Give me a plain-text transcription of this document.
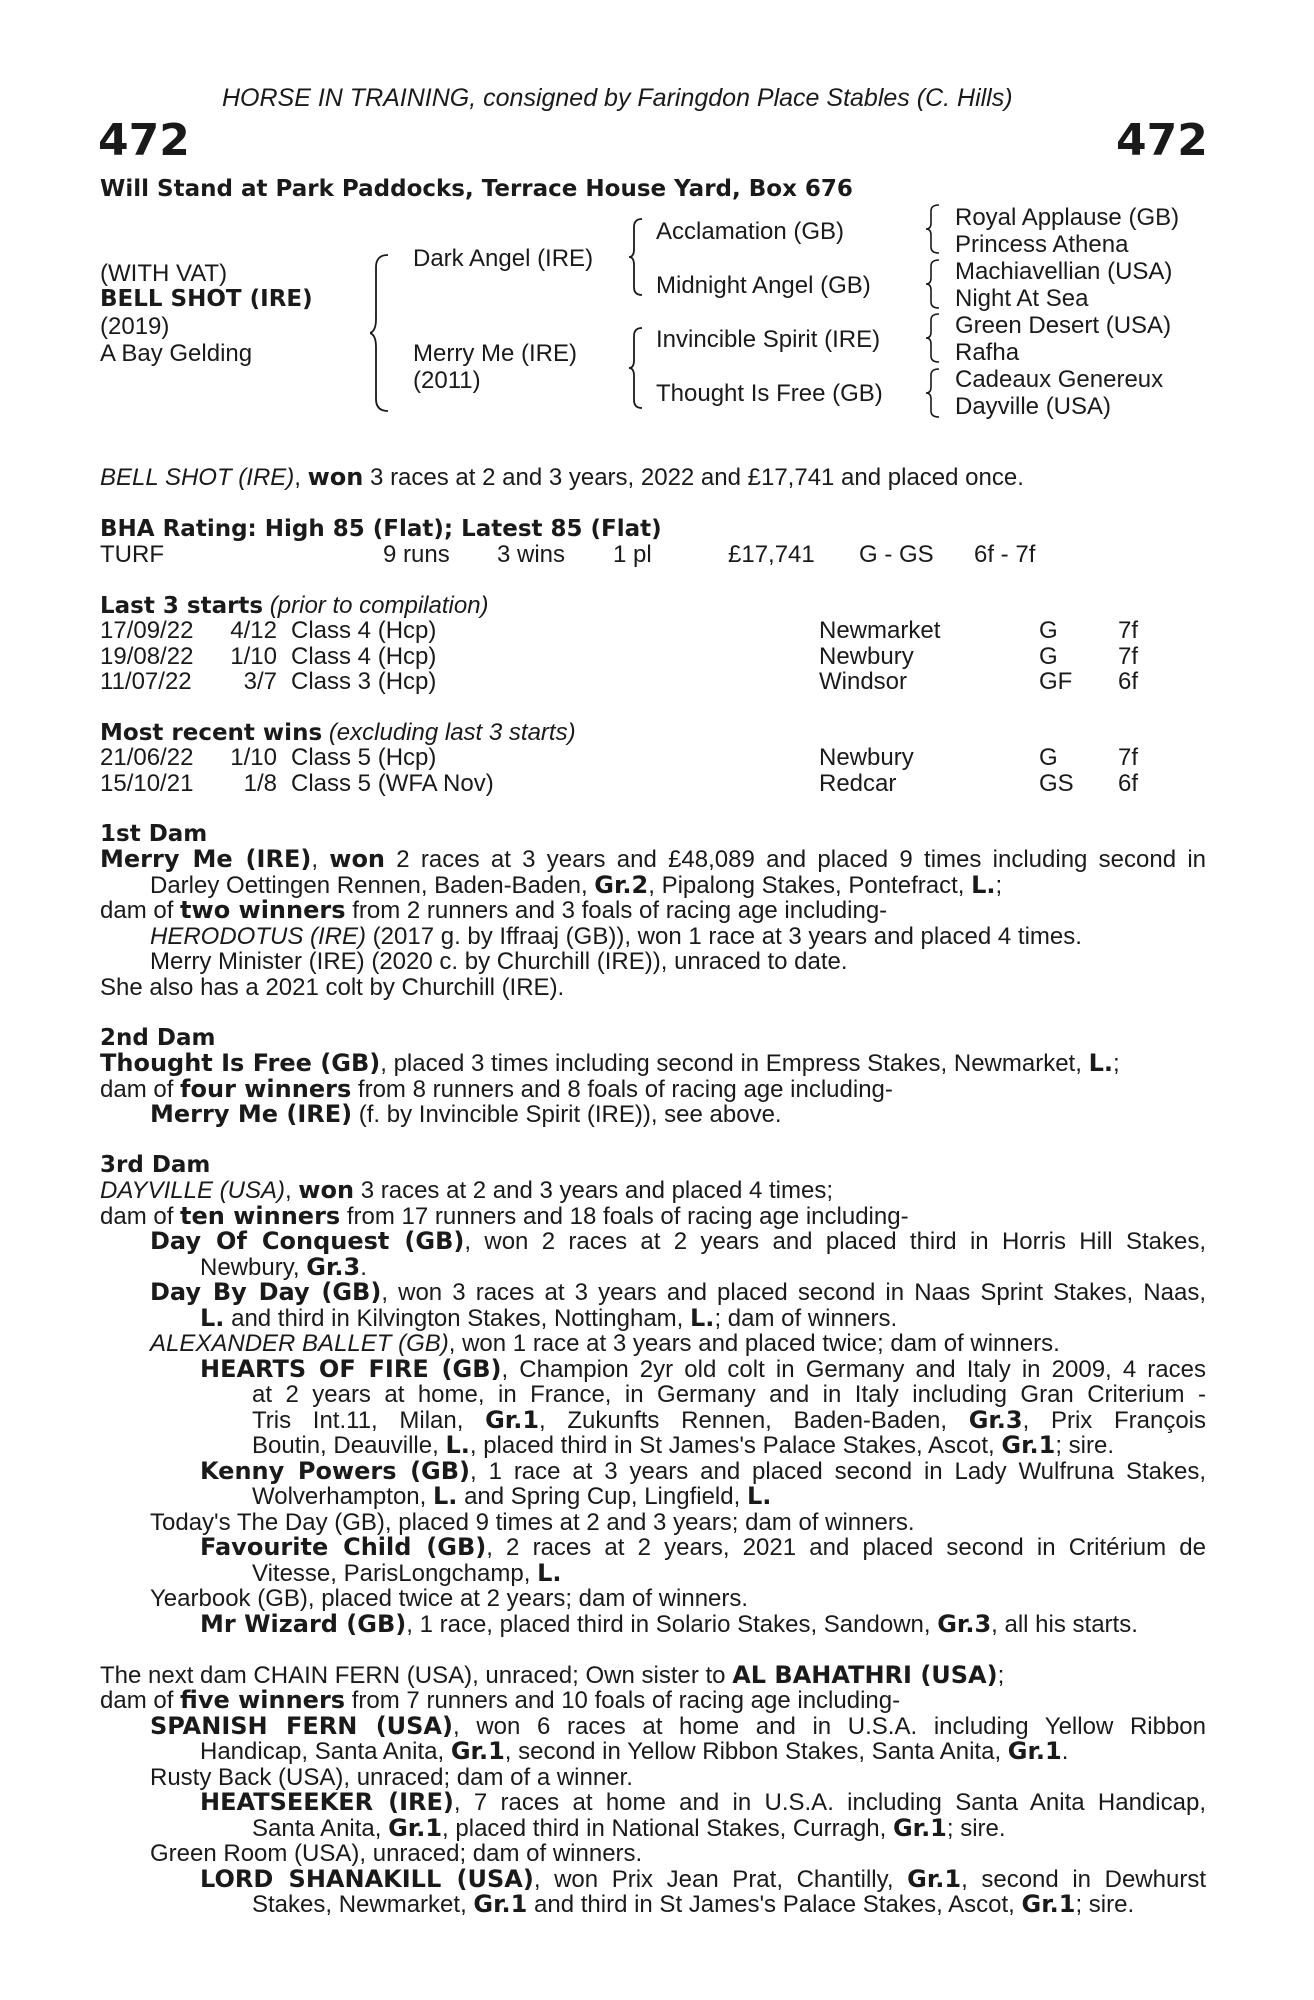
HORSE IN TRAINING, consigned by Faringdon Place Stables (C. Hills)
472	472
Will Stand at Park Paddocks, Terrace House Yard, Box 676
(WITH VAT)
BELL SHOT (IRE)
(2019)
A Bay Gelding
Dark Angel (IRE)
Merry Me (IRE)
(2011)
Acclamation (GB)
Midnight Angel (GB)
Invincible Spirit (IRE)
Thought Is Free (GB)
Royal Applause (GB)
Princess Athena
Machiavellian (USA)
Night At Sea
Green Desert (USA)
Rafha
Cadeaux Genereux
Dayville (USA)
BELL SHOT (IRE), won 3 races at 2 and 3 years, 2022 and £17,741 and placed once.
BHA Rating: High 85 (Flat); Latest 85 (Flat)
TURF	9 runs 3 wins 1 pl	£17,741 G - GS 6f - 7f
Last 3 starts (prior to compilation)
17/09/22	4/12 Class 4 (Hcp)	Newmarket	G	7f
19/08/22	1/10 Class 4 (Hcp)	Newbury	G	7f
11/07/22	3/7 Class 3 (Hcp)	Windsor	GF 6f
Most recent wins (excluding last 3 starts)
21/06/22	1/10 Class 5 (Hcp)	Newbury	G	7f
15/10/21	1/8 Class 5 (WFA Nov)	Redcar	GS 6f
1st Dam
Merry Me (IRE), won 2 races at 3 years and £48,089 and placed 9 times including second in
Darley Oettingen Rennen, Baden-Baden, Gr.2, Pipalong Stakes, Pontefract, L.;
dam of two winners from 2 runners and 3 foals of racing age including-
HERODOTUS (IRE) (2017 g. by Iffraaj (GB)), won 1 race at 3 years and placed 4 times.
Merry Minister (IRE) (2020 c. by Churchill (IRE)), unraced to date.
She also has a 2021 colt by Churchill (IRE).
2nd Dam
Thought Is Free (GB), placed 3 times including second in Empress Stakes, Newmarket, L.;
dam of four winners from 8 runners and 8 foals of racing age including-
Merry Me (IRE) (f. by Invincible Spirit (IRE)), see above.
3rd Dam
DAYVILLE (USA), won 3 races at 2 and 3 years and placed 4 times;
dam of ten winners from 17 runners and 18 foals of racing age including-
Day Of Conquest (GB), won 2 races at 2 years and placed third in Horris Hill Stakes,
Newbury, Gr.3.
Day By Day (GB), won 3 races at 3 years and placed second in Naas Sprint Stakes, Naas,
L. and third in Kilvington Stakes, Nottingham, L.; dam of winners.
ALEXANDER BALLET (GB), won 1 race at 3 years and placed twice; dam of winners.
HEARTS OF FIRE (GB), Champion 2yr old colt in Germany and Italy in 2009, 4 races
at 2 years at home, in France, in Germany and in Italy including Gran Criterium -
Tris Int.11, Milan, Gr.1, Zukunfts Rennen, Baden-Baden, Gr.3, Prix François
Boutin, Deauville, L., placed third in St James's Palace Stakes, Ascot, Gr.1; sire.
Kenny Powers (GB), 1 race at 3 years and placed second in Lady Wulfruna Stakes,
Wolverhampton, L. and Spring Cup, Lingfield, L.
Today's The Day (GB), placed 9 times at 2 and 3 years; dam of winners.
Favourite Child (GB), 2 races at 2 years, 2021 and placed second in Critérium de
Vitesse, ParisLongchamp, L.
Yearbook (GB), placed twice at 2 years; dam of winners.
Mr Wizard (GB), 1 race, placed third in Solario Stakes, Sandown, Gr.3, all his starts.
The next dam CHAIN FERN (USA), unraced; Own sister to AL BAHATHRI (USA);
dam of five winners from 7 runners and 10 foals of racing age including-
SPANISH FERN (USA), won 6 races at home and in U.S.A. including Yellow Ribbon
Handicap, Santa Anita, Gr.1, second in Yellow Ribbon Stakes, Santa Anita, Gr.1.
Rusty Back (USA), unraced; dam of a winner.
HEATSEEKER (IRE), 7 races at home and in U.S.A. including Santa Anita Handicap,
Santa Anita, Gr.1, placed third in National Stakes, Curragh, Gr.1; sire.
Green Room (USA), unraced; dam of winners.
LORD SHANAKILL (USA), won Prix Jean Prat, Chantilly, Gr.1, second in Dewhurst
Stakes, Newmarket, Gr.1 and third in St James's Palace Stakes, Ascot, Gr.1; sire.
